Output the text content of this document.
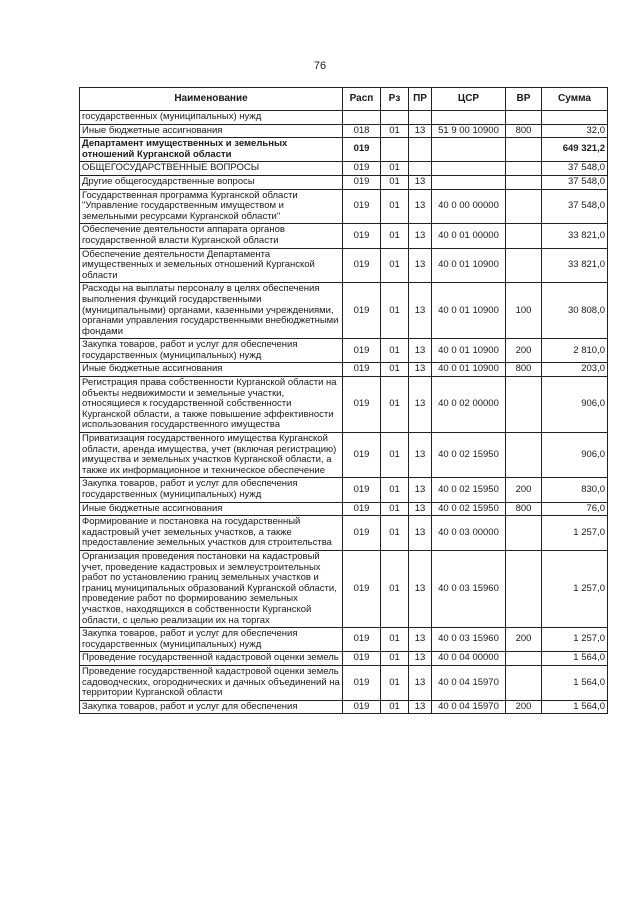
76
Наименование	Расп	Рз	ПР	ЦСР	ВР	Сумма
государственных (муниципальных) нужд						
Иные бюджетные ассигнования	018	01	13	51 9 00 10900	800	32,0
Департамент имущественных и земельных отношений Курганской области	019					649 321,2
ОБЩЕГОСУДАРСТВЕННЫЕ ВОПРОСЫ	019	01				37 548,0
Другие общегосударственные вопросы	019	01	13			37 548,0
Государственная программа Курганской области "Управление государственным имуществом и земельными ресурсами Курганской области"	019	01	13	40 0 00 00000		37 548,0
Обеспечение деятельности аппарата органов государственной власти Курганской области	019	01	13	40 0 01 00000		33 821,0
Обеспечение деятельности Департамента имущественных и земельных отношений Курганской области	019	01	13	40 0 01 10900		33 821,0
Расходы на выплаты персоналу в целях обеспечения выполнения функций государственными (муниципальными) органами, казенными учреждениями, органами управления государственными внебюджетными фондами	019	01	13	40 0 01 10900	100	30 808,0
Закупка товаров, работ и услуг для обеспечения государственных (муниципальных) нужд	019	01	13	40 0 01 10900	200	2 810,0
Иные бюджетные ассигнования	019	01	13	40 0 01 10900	800	203,0
Регистрация права собственности Курганской области на объекты недвижимости и земельные участки, относящиеся к государственной собственности Курганской области, а также повышение эффективности использования государственного имущества	019	01	13	40 0 02 00000		906,0
Приватизация государственного имущества Курганской области, аренда имущества, учет (включая регистрацию) имущества и земельных участков Курганской области, а также их информационное и техническое обеспечение	019	01	13	40 0 02 15950		906,0
Закупка товаров, работ и услуг для обеспечения государственных (муниципальных) нужд	019	01	13	40 0 02 15950	200	830,0
Иные бюджетные ассигнования	019	01	13	40 0 02 15950	800	76,0
Формирование и постановка на государственный кадастровый учет земельных участков, а также предоставление земельных участков для строительства	019	01	13	40 0 03 00000		1 257,0
Организация проведения постановки на кадастровый учет, проведение кадастровых и землеустроительных работ по установлению границ земельных участков и границ муниципальных образований Курганской области, проведение работ по формированию земельных участков, находящихся в собственности Курганской области, с целью реализации их на торгах	019	01	13	40 0 03 15960		1 257,0
Закупка товаров, работ и услуг для обеспечения государственных (муниципальных) нужд	019	01	13	40 0 03 15960	200	1 257,0
Проведение государственной кадастровой оценки земель	019	01	13	40 0 04 00000		1 564,0
Проведение государственной кадастровой оценки земель садоводческих, огороднических и дачных объединений на территории Курганской области	019	01	13	40 0 04 15970		1 564,0
Закупка товаров, работ и услуг для обеспечения	019	01	13	40 0 04 15970	200	1 564,0
